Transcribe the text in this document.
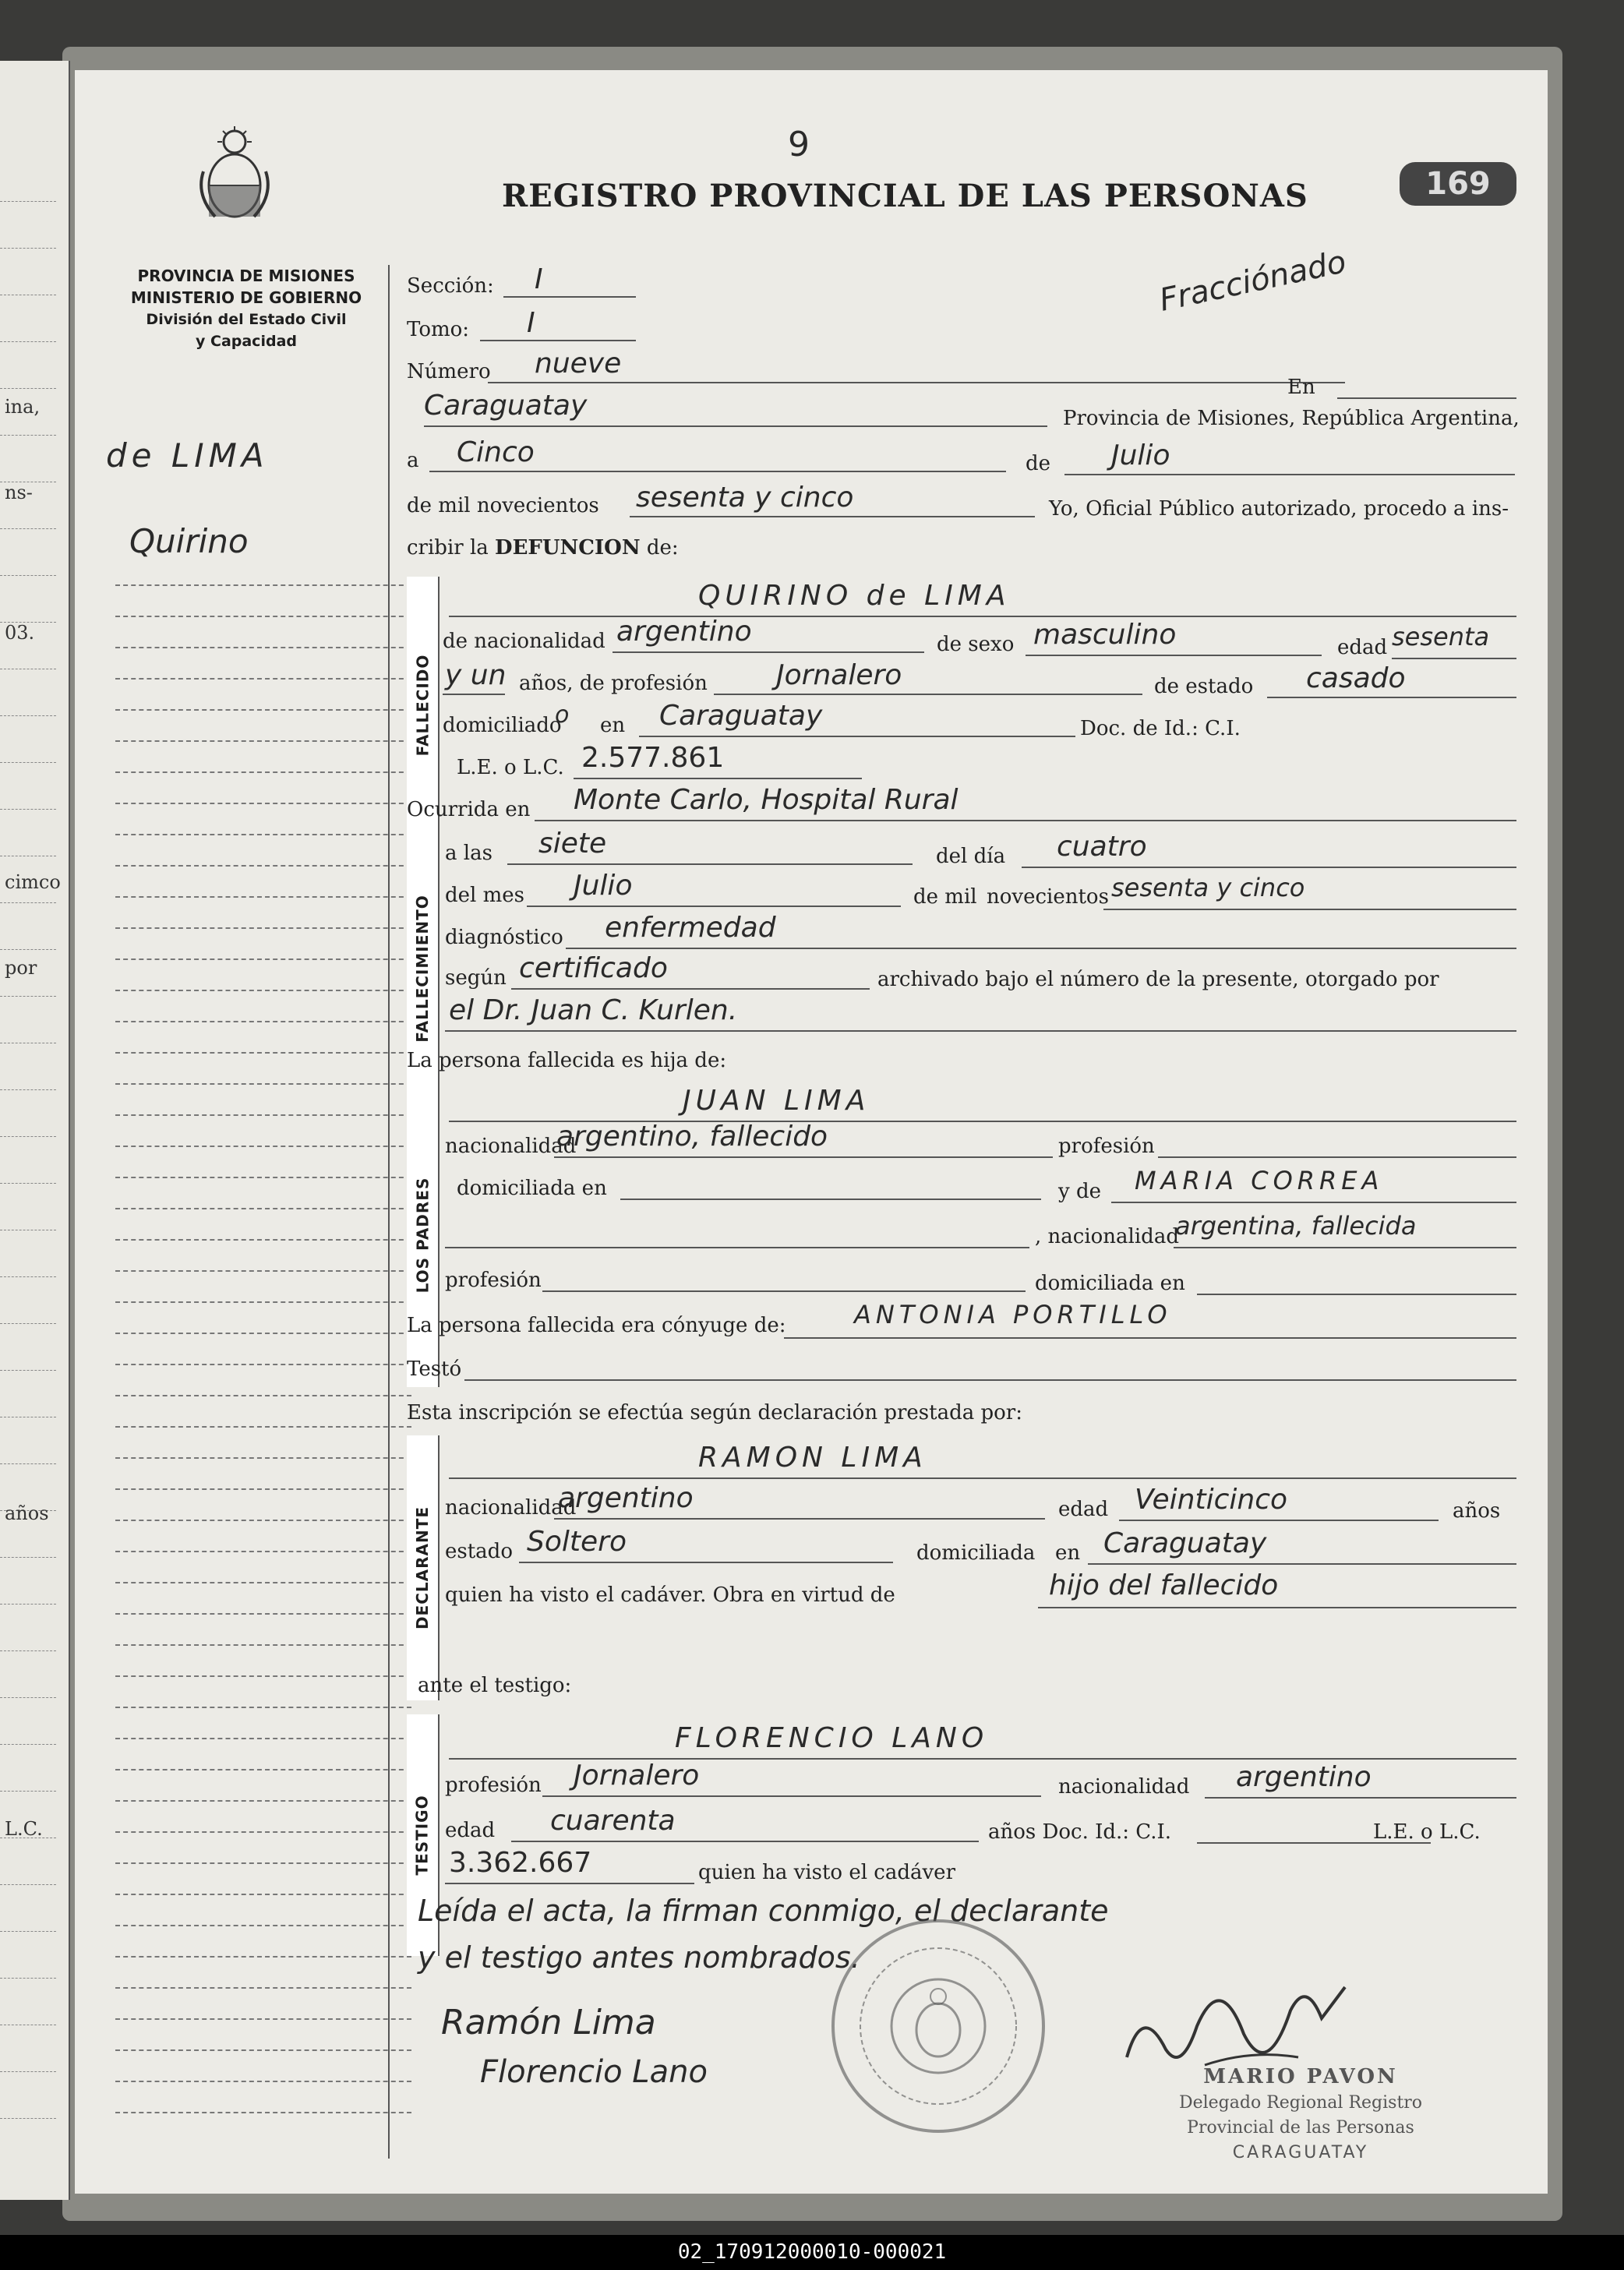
ina,
ns-
03.
cimco
por
años
L.C.
PROVINCIA DE MISIONES
MINISTERIO DE GOBIERNO
División del Estado Civil
y Capacidad
de LIMA
Quirino
9
REGISTRO PROVINCIAL DE LAS PERSONAS	169
Fracciónado
Sección: I
Tomo: I
Número nueve
En
Caraguatay	Provincia de Misiones, República Argentina,
a Cinco	de Julio
de mil novecientos sesenta y cinco	Yo, Oficial Público autorizado, procedo a ins-
cribir la DEFUNCION de:
FALLECIDO
QUIRINO de LIMA
de nacionalidad argentino	de sexo masculino	edad sesenta
y un años, de profesión Jornalero	de estado casado
domiciliado
o en Caraguatay	Doc. de Id.: C.I.
L.E. o L.C. 2.577.861
Ocurrida en Monte Carlo, Hospital Rural
FALLECIMIENTO
a las siete	del día cuatro
del mes Julio	de mil novecientos sesenta y cinco
diagnóstico enfermedad
según certificado	archivado bajo el número de la presente, otorgado por
el Dr. Juan C. Kurlen.
La persona fallecida es hija de:
LOS PADRES
JUAN LIMA
nacionalidad
argentino, fallecido	profesión
domiciliada en	y de MARIA CORREA
, nacionalidad
argentina, fallecida
profesión	domiciliada en
La persona fallecida era cónyuge de:	ANTONIA PORTILLO
Testó
Esta inscripción se efectúa según declaración prestada por:
DECLARANTE
RAMON LIMA
nacionalidad
argentino	edad Veinticinco	años
estado Soltero	domiciliada en Caraguatay
quien ha visto el cadáver. Obra en virtud de	hijo del fallecido
ante el testigo:
TESTIGO
FLORENCIO LANO
profesión Jornalero	nacionalidad argentino
edad cuarenta	años Doc. Id.: C.I.	L.E. o L.C.
3.362.667	quien ha visto el cadáver
Leída el acta, la firman conmigo, el declarante
y el testigo antes nombrados.
Ramón Lima
Florencio Lano	MARIO PAVON
Delegado Regional Registro
Provincial de las Personas
CARAGUATAY
02_170912000010-000021
